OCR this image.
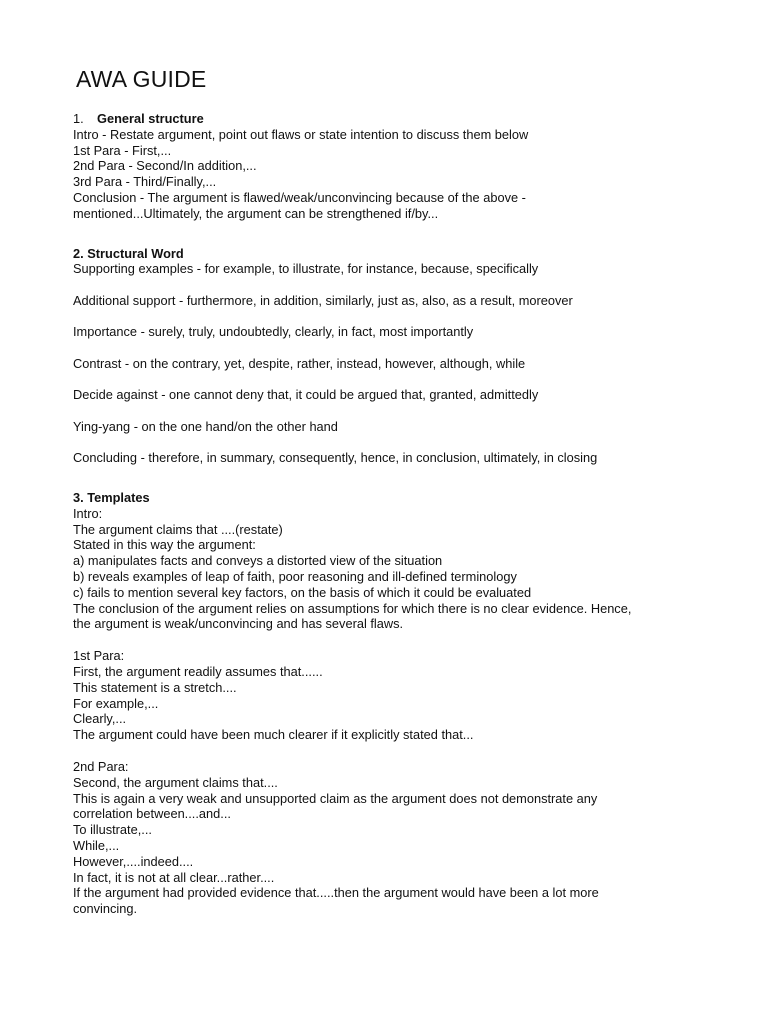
AWA GUIDE
1. General structure
Intro - Restate argument, point out flaws or state intention to discuss them below
1st Para - First,...
2nd Para - Second/In addition,...
3rd Para - Third/Finally,...
Conclusion - The argument is flawed/weak/unconvincing because of the above -
mentioned...Ultimately, the argument can be strengthened if/by...
2. Structural Word
Supporting examples - for example, to illustrate, for instance, because, specifically
Additional support - furthermore, in addition, similarly, just as, also, as a result, moreover
Importance - surely, truly, undoubtedly, clearly, in fact, most importantly
Contrast - on the contrary, yet, despite, rather, instead, however, although, while
Decide against - one cannot deny that, it could be argued that, granted, admittedly
Ying-yang - on the one hand/on the other hand
Concluding - therefore, in summary, consequently, hence, in conclusion, ultimately, in closing
3. Templates
Intro:
The argument claims that ....(restate)
Stated in this way the argument:
a) manipulates facts and conveys a distorted view of the situation
b) reveals examples of leap of faith, poor reasoning and ill-defined terminology
c) fails to mention several key factors, on the basis of which it could be evaluated
The conclusion of the argument relies on assumptions for which there is no clear evidence. Hence,
the argument is weak/unconvincing and has several flaws.
1st Para:
First, the argument readily assumes that......
This statement is a stretch....
For example,...
Clearly,...
The argument could have been much clearer if it explicitly stated that...
2nd Para:
Second, the argument claims that....
This is again a very weak and unsupported claim as the argument does not demonstrate any
correlation between....and...
To illustrate,...
While,...
However,....indeed....
In fact, it is not at all clear...rather....
If the argument had provided evidence that.....then the argument would have been a lot more
convincing.
